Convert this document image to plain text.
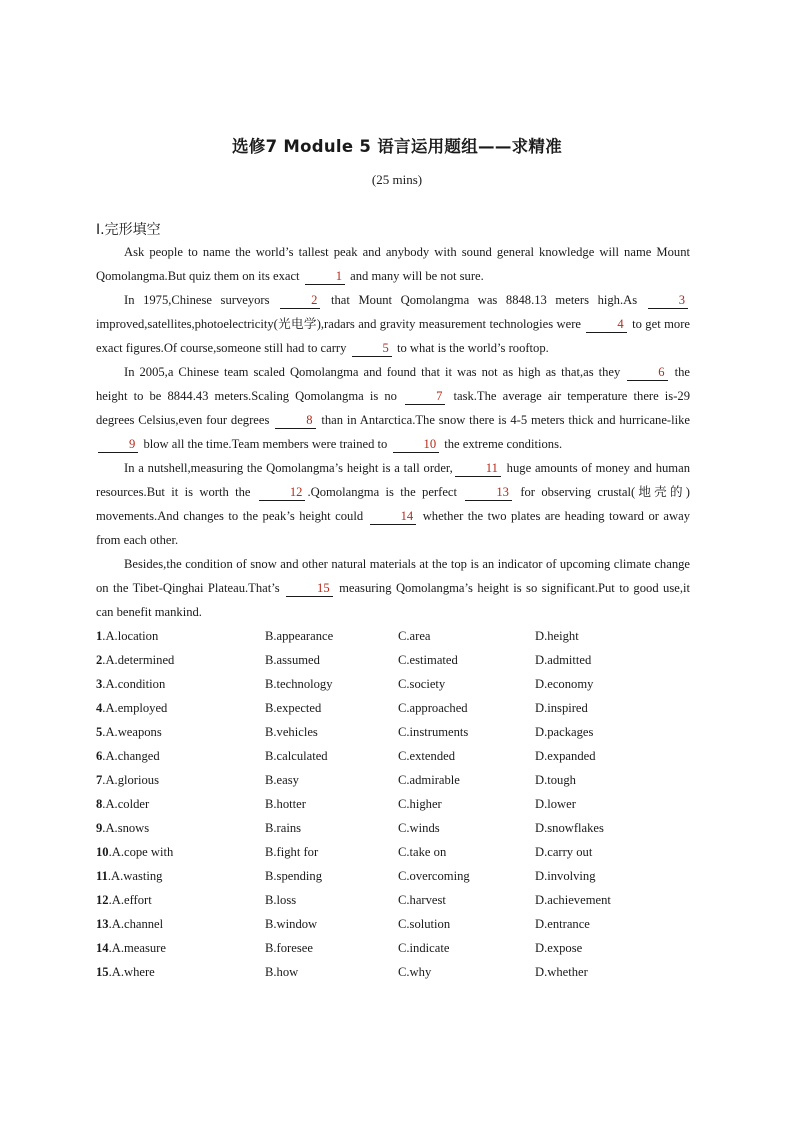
选修7 Module 5 语言运用题组——求精准
(25 mins)
Ⅰ.完形填空

Ask people to name the world’s tallest peak and anybody with sound general knowledge will name Mount Qomolangma.But quiz them on its exact	1 and many will be not sure.

In 1975,Chinese surveyors	2 that Mount Qomolangma was 8848.13 meters high.As	3 improved,satellites,photoelectricity(光电学),radars and gravity measurement technologies were	4 to get more exact figures.Of course,someone still had to carry	5 to what is the world’s rooftop.

In 2005,a Chinese team scaled Qomolangma and found that it was not as high as that,as they	6 the height to be 8844.43 meters.Scaling Qomolangma is no	7 task.The average air temperature there is-29 degrees Celsius,even four degrees	8 than in Antarctica.The snow there is 4-5 meters thick and hurricane-like 9 blow all the time.Team members were trained to	10 the extreme conditions.

In a nutshell,measuring the Qomolangma’s height is a tall order,	11 huge amounts of money and human resources.But it is worth the	12 .Qomolangma is the perfect	13 for observing crustal(地壳的) movements.And changes to the peak’s height could	14 whether the two plates are heading toward or away from each other.

Besides,the condition of snow and other natural materials at the top is an indicator of upcoming climate change on the Tibet-Qinghai Plateau.That’s	15 measuring Qomolangma’s height is so significant.Put to good use,it can benefit mankind.

1.A.location	B.appearance	C.area	D.height
2.A.determined	B.assumed	C.estimated	D.admitted
3.A.condition	B.technology	C.society	D.economy
4.A.employed	B.expected	C.approached	D.inspired
5.A.weapons	B.vehicles	C.instruments	D.packages
6.A.changed	B.calculated	C.extended	D.expanded
7.A.glorious	B.easy	C.admirable	D.tough
8.A.colder	B.hotter	C.higher	D.lower
9.A.snows	B.rains	C.winds	D.snowflakes
10.A.cope with	B.fight for	C.take on	D.carry out
11.A.wasting	B.spending	C.overcoming	D.involving
12.A.effort	B.loss	C.harvest	D.achievement
13.A.channel	B.window	C.solution	D.entrance
14.A.measure	B.foresee	C.indicate	D.expose
15.A.where	B.how	C.why	D.whether
